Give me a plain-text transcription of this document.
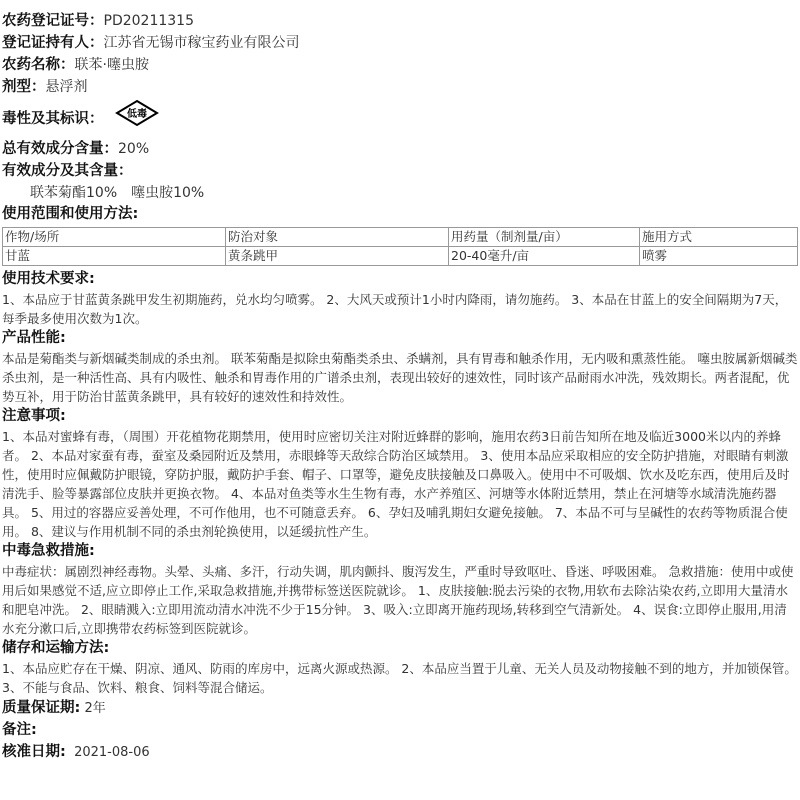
农药登记证号：PD20211315
登记证持有人：江苏省无锡市稼宝药业有限公司
农药名称：联苯·噻虫胺
剂型：悬浮剂
毒性及其标识： 低毒
总有效成分含量：20%
有效成分及其含量：
联苯菊酯10%　噻虫胺10%
使用范围和使用方法:
作物/场所	防治对象	用药量（制剂量/亩）	施用方式
甘蓝	黄条跳甲	20-40毫升/亩	喷雾
使用技术要求:
1、本品应于甘蓝黄条跳甲发生初期施药，兑水均匀喷雾。 2、大风天或预计1小时内降雨，请勿施药。 3、本品在甘蓝上的安全间隔期为7天，每季最多使用次数为1次。
产品性能:
本品是菊酯类与新烟碱类制成的杀虫剂。 联苯菊酯是拟除虫菊酯类杀虫、杀螨剂，具有胃毒和触杀作用，无内吸和熏蒸性能。 噻虫胺属新烟碱类杀虫剂，是一种活性高、具有内吸性、触杀和胃毒作用的广谱杀虫剂，表现出较好的速效性，同时该产品耐雨水冲洗，残效期长。两者混配，优势互补，用于防治甘蓝黄条跳甲，具有较好的速效性和持效性。
注意事项:
1、本品对蜜蜂有毒，（周围）开花植物花期禁用，使用时应密切关注对附近蜂群的影响，施用农药3日前告知所在地及临近3000米以内的养蜂者。 2、本品对家蚕有毒，蚕室及桑园附近及禁用，赤眼蜂等天敌综合防治区域禁用。 3、使用本品应采取相应的安全防护措施，对眼睛有刺激性，使用时应佩戴防护眼镜，穿防护服，戴防护手套、帽子、口罩等，避免皮肤接触及口鼻吸入。使用中不可吸烟、饮水及吃东西，使用后及时清洗手、脸等暴露部位皮肤并更换衣物。 4、本品对鱼类等水生生物有毒，水产养殖区、河塘等水体附近禁用，禁止在河塘等水域清洗施药器具。 5、用过的容器应妥善处理，不可作他用，也不可随意丢弃。 6、孕妇及哺乳期妇女避免接触。 7、本品不可与呈碱性的农药等物质混合使用。 8、建议与作用机制不同的杀虫剂轮换使用，以延缓抗性产生。
中毒急救措施:
中毒症状：属剧烈神经毒物。头晕、头痛、多汗，行动失调，肌肉颤抖、腹泻发生，严重时导致呕吐、昏迷、呼吸困难。 急救措施：使用中或使用后如果感觉不适,应立即停止工作,采取急救措施,并携带标签送医院就诊。 1、皮肤接触:脱去污染的衣物,用软布去除沾染农药,立即用大量清水和肥皂冲洗。 2、眼睛溅入:立即用流动清水冲洗不少于15分钟。 3、吸入:立即离开施药现场,转移到空气清新处。 4、误食:立即停止服用,用清水充分漱口后,立即携带农药标签到医院就诊。
储存和运输方法:
1、本品应贮存在干燥、阴凉、通风、防雨的库房中，远离火源或热源。 2、本品应当置于儿童、无关人员及动物接触不到的地方，并加锁保管。 3、不能与食品、饮料、粮食、饲料等混合储运。
质量保证期: 2年
备注:
核准日期: 2021-08-06
